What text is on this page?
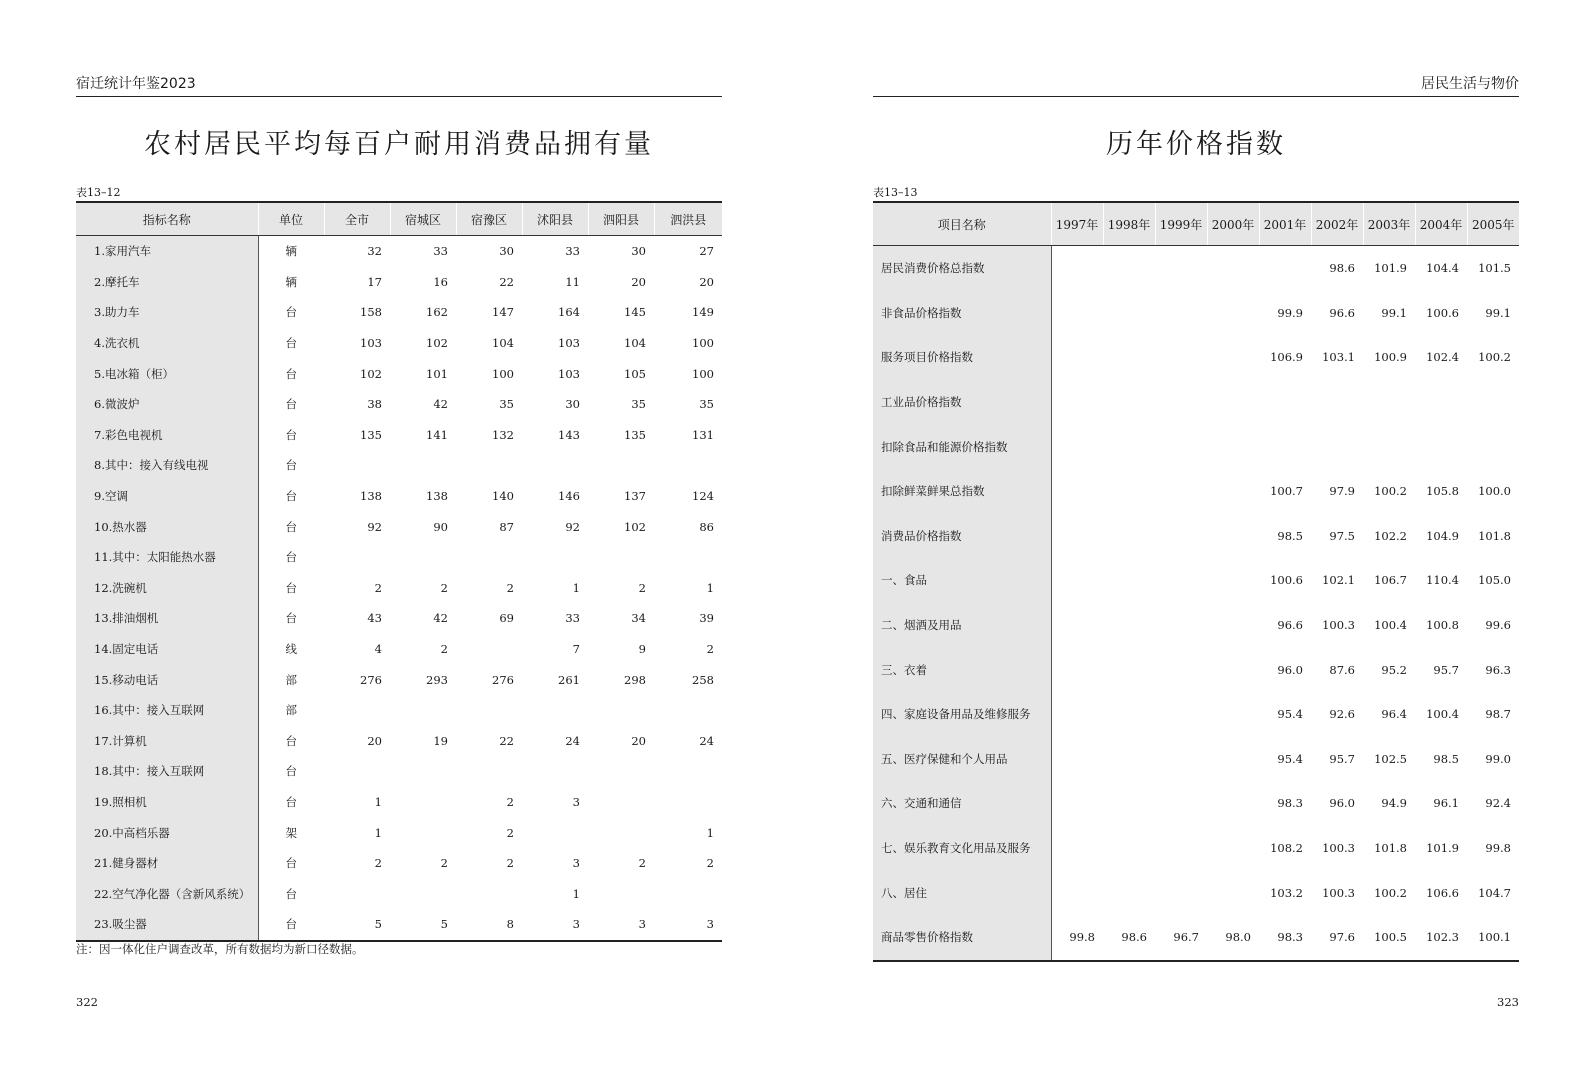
宿迁统计年鉴2023
农村居民平均每百户耐用消费品拥有量
表13–12
指标名称	单位	全市	宿城区	宿豫区	沭阳县	泗阳县	泗洪县
1.家用汽车	辆	32	33	30	33	30	27
2.摩托车	辆	17	16	22	11	20	20
3.助力车	台	158	162	147	164	145	149
4.洗衣机	台	103	102	104	103	104	100
5.电冰箱（柜）	台	102	101	100	103	105	100
6.微波炉	台	38	42	35	30	35	35
7.彩色电视机	台	135	141	132	143	135	131
8.其中：接入有线电视	台						
9.空调	台	138	138	140	146	137	124
10.热水器	台	92	90	87	92	102	86
11.其中：太阳能热水器	台						
12.洗碗机	台	2	2	2	1	2	1
13.排油烟机	台	43	42	69	33	34	39
14.固定电话	线	4	2		7	9	2
15.移动电话	部	276	293	276	261	298	258
16.其中：接入互联网	部						
17.计算机	台	20	19	22	24	20	24
18.其中：接入互联网	台						
19.照相机	台	1		2	3		
20.中高档乐器	架	1		2			1
21.健身器材	台	2	2	2	3	2	2
22.空气净化器（含新风系统）	台				1		
23.吸尘器	台	5	5	8	3	3	3
注：因一体化住户调查改革，所有数据均为新口径数据。
322
居民生活与物价
历年价格指数
表13–13
项目名称	1997年	1998年	1999年	2000年	2001年	2002年	2003年	2004年	2005年
居民消费价格总指数						98.6	101.9	104.4	101.5
非食品价格指数					99.9	96.6	99.1	100.6	99.1
服务项目价格指数					106.9	103.1	100.9	102.4	100.2
工业品价格指数									
扣除食品和能源价格指数									
扣除鲜菜鲜果总指数					100.7	97.9	100.2	105.8	100.0
消费品价格指数					98.5	97.5	102.2	104.9	101.8
一、食品					100.6	102.1	106.7	110.4	105.0
二、烟酒及用品					96.6	100.3	100.4	100.8	99.6
三、衣着					96.0	87.6	95.2	95.7	96.3
四、家庭设备用品及维修服务					95.4	92.6	96.4	100.4	98.7
五、医疗保健和个人用品					95.4	95.7	102.5	98.5	99.0
六、交通和通信					98.3	96.0	94.9	96.1	92.4
七、娱乐教育文化用品及服务					108.2	100.3	101.8	101.9	99.8
八、居住					103.2	100.3	100.2	106.6	104.7
商品零售价格指数	99.8	98.6	96.7	98.0	98.3	97.6	100.5	102.3	100.1
323
